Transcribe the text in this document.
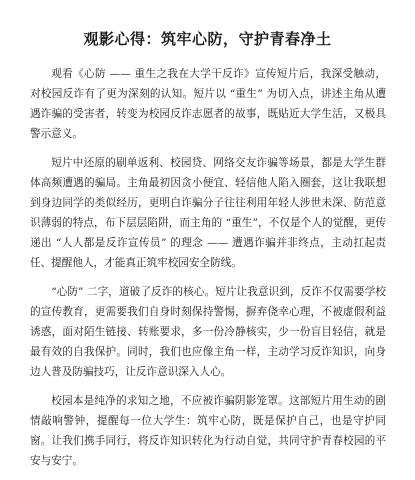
观影心得：筑牢心防，守护青春净土

观看《心防 —— 重生之我在大学干反诈》宣传短片后，我深受触动，对校园反诈有了更为深刻的认知。短片以 “重生” 为切入点，讲述主角从遭遇诈骗的受害者，转变为校园反诈志愿者的故事，既贴近大学生活，又极具警示意义。

短片中还原的刷单返利、校园贷、网络交友诈骗等场景，都是大学生群体高频遭遇的骗局。主角最初因贪小便宜、轻信他人陷入圈套，这让我联想到身边同学的类似经历，更明白诈骗分子往往利用年轻人涉世未深、防范意识薄弱的特点，布下层层陷阱，而主角的 “重生”，不仅是个人的觉醒，更传递出 “人人都是反诈宣传员” 的理念 —— 遭遇诈骗并非终点，主动扛起责任、提醒他人，才能真正筑牢校园安全防线。

“心防” 二字，道破了反诈的核心。短片让我意识到，反诈不仅需要学校的宣传教育，更需要我们自身时刻保持警惕，摒弃侥幸心理，不被虚假利益诱惑，面对陌生链接、转账要求，多一份冷静核实，少一份盲目轻信，就是最有效的自我保护。同时，我们也应像主角一样，主动学习反诈知识，向身边人普及防骗技巧，让反诈意识深入人心。

校园本是纯净的求知之地，不应被诈骗阴影笼罩。这部短片用生动的剧情敲响警钟，提醒每一位大学生：筑牢心防，既是保护自己，也是守护同窗。让我们携手同行，将反诈知识转化为行动自觉，共同守护青春校园的平安与安宁。
